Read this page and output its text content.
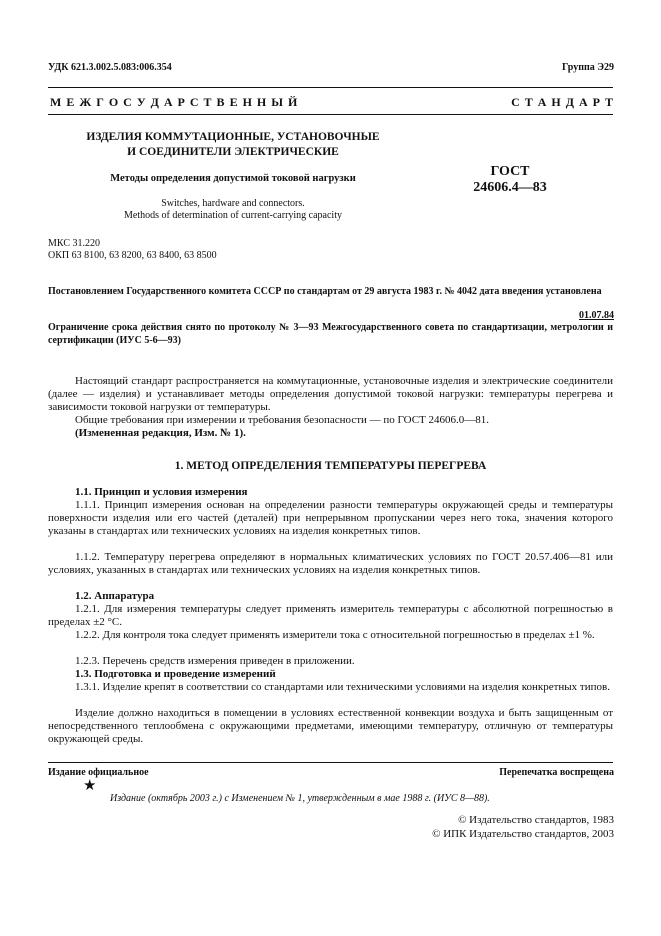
УДК 621.3.002.5.083:006.354	Группа Э29
М Е Ж Г О С У Д А Р С Т В Е Н Н Ы Й	С Т А Н Д А Р Т
ИЗДЕЛИЯ КОММУТАЦИОННЫЕ, УСТАНОВОЧНЫЕ
И СОЕДИНИТЕЛИ ЭЛЕКТРИЧЕСКИЕ
Методы определения допустимой токовой нагрузки
Switches, hardware and connectors.
Methods of determination of current-carrying capacity
ГОСТ
24606.4—83
МКС 31.220
ОКП 63 8100, 63 8200, 63 8400, 63 8500
Постановлением Государственного комитета СССР по стандартам от 29 августа 1983 г. № 4042 дата введения установлена
01.07.84
Ограничение срока действия снято по протоколу № 3—93 Межгосударственного совета по стандартизации, метрологии и сертификации (ИУС 5-6—93)
Настоящий стандарт распространяется на коммутационные, установочные изделия и электрические соединители (далее — изделия) и устанавливает методы определения допустимой токовой нагрузки: температуры перегрева и зависимости токовой нагрузки от температуры.
Общие требования при измерении и требования безопасности — по ГОСТ 24606.0—81.
(Измененная редакция, Изм. № 1).
1. МЕТОД ОПРЕДЕЛЕНИЯ ТЕМПЕРАТУРЫ ПЕРЕГРЕВА
1.1. Принцип и условия измерения
1.1.1. Принцип измерения основан на определении разности температуры окружающей среды и температуры поверхности изделия или его частей (деталей) при непрерывном пропускании через него тока, значения которого указаны в стандартах или технических условиях на изделия конкретных типов.
1.1.2. Температуру перегрева определяют в нормальных климатических условиях по ГОСТ 20.57.406—81 или условиях, указанных в стандартах или технических условиях на изделия конкретных типов.
1.2. Аппаратура
1.2.1. Для измерения температуры следует применять измеритель температуры с абсолютной погрешностью в пределах ±2 °С.
1.2.2. Для контроля тока следует применять измерители тока с относительной погрешностью в пределах ±1 %.
1.2.3. Перечень средств измерения приведен в приложении.
1.3. Подготовка и проведение измерений
1.3.1. Изделие крепят в соответствии со стандартами или техническими условиями на изделия конкретных типов.
Изделие должно находиться в помещении в условиях естественной конвекции воздуха и быть защищенным от непосредственного теплообмена с окружающими предметами, имеющими температуру, отличную от температуры окружающей среды.
Издание официальное	Перепечатка воспрещена
★
Издание (октябрь 2003 г.) с Изменением № 1, утвержденным в мае 1988 г. (ИУС 8—88).
© Издательство стандартов, 1983
© ИПК Издательство стандартов, 2003
